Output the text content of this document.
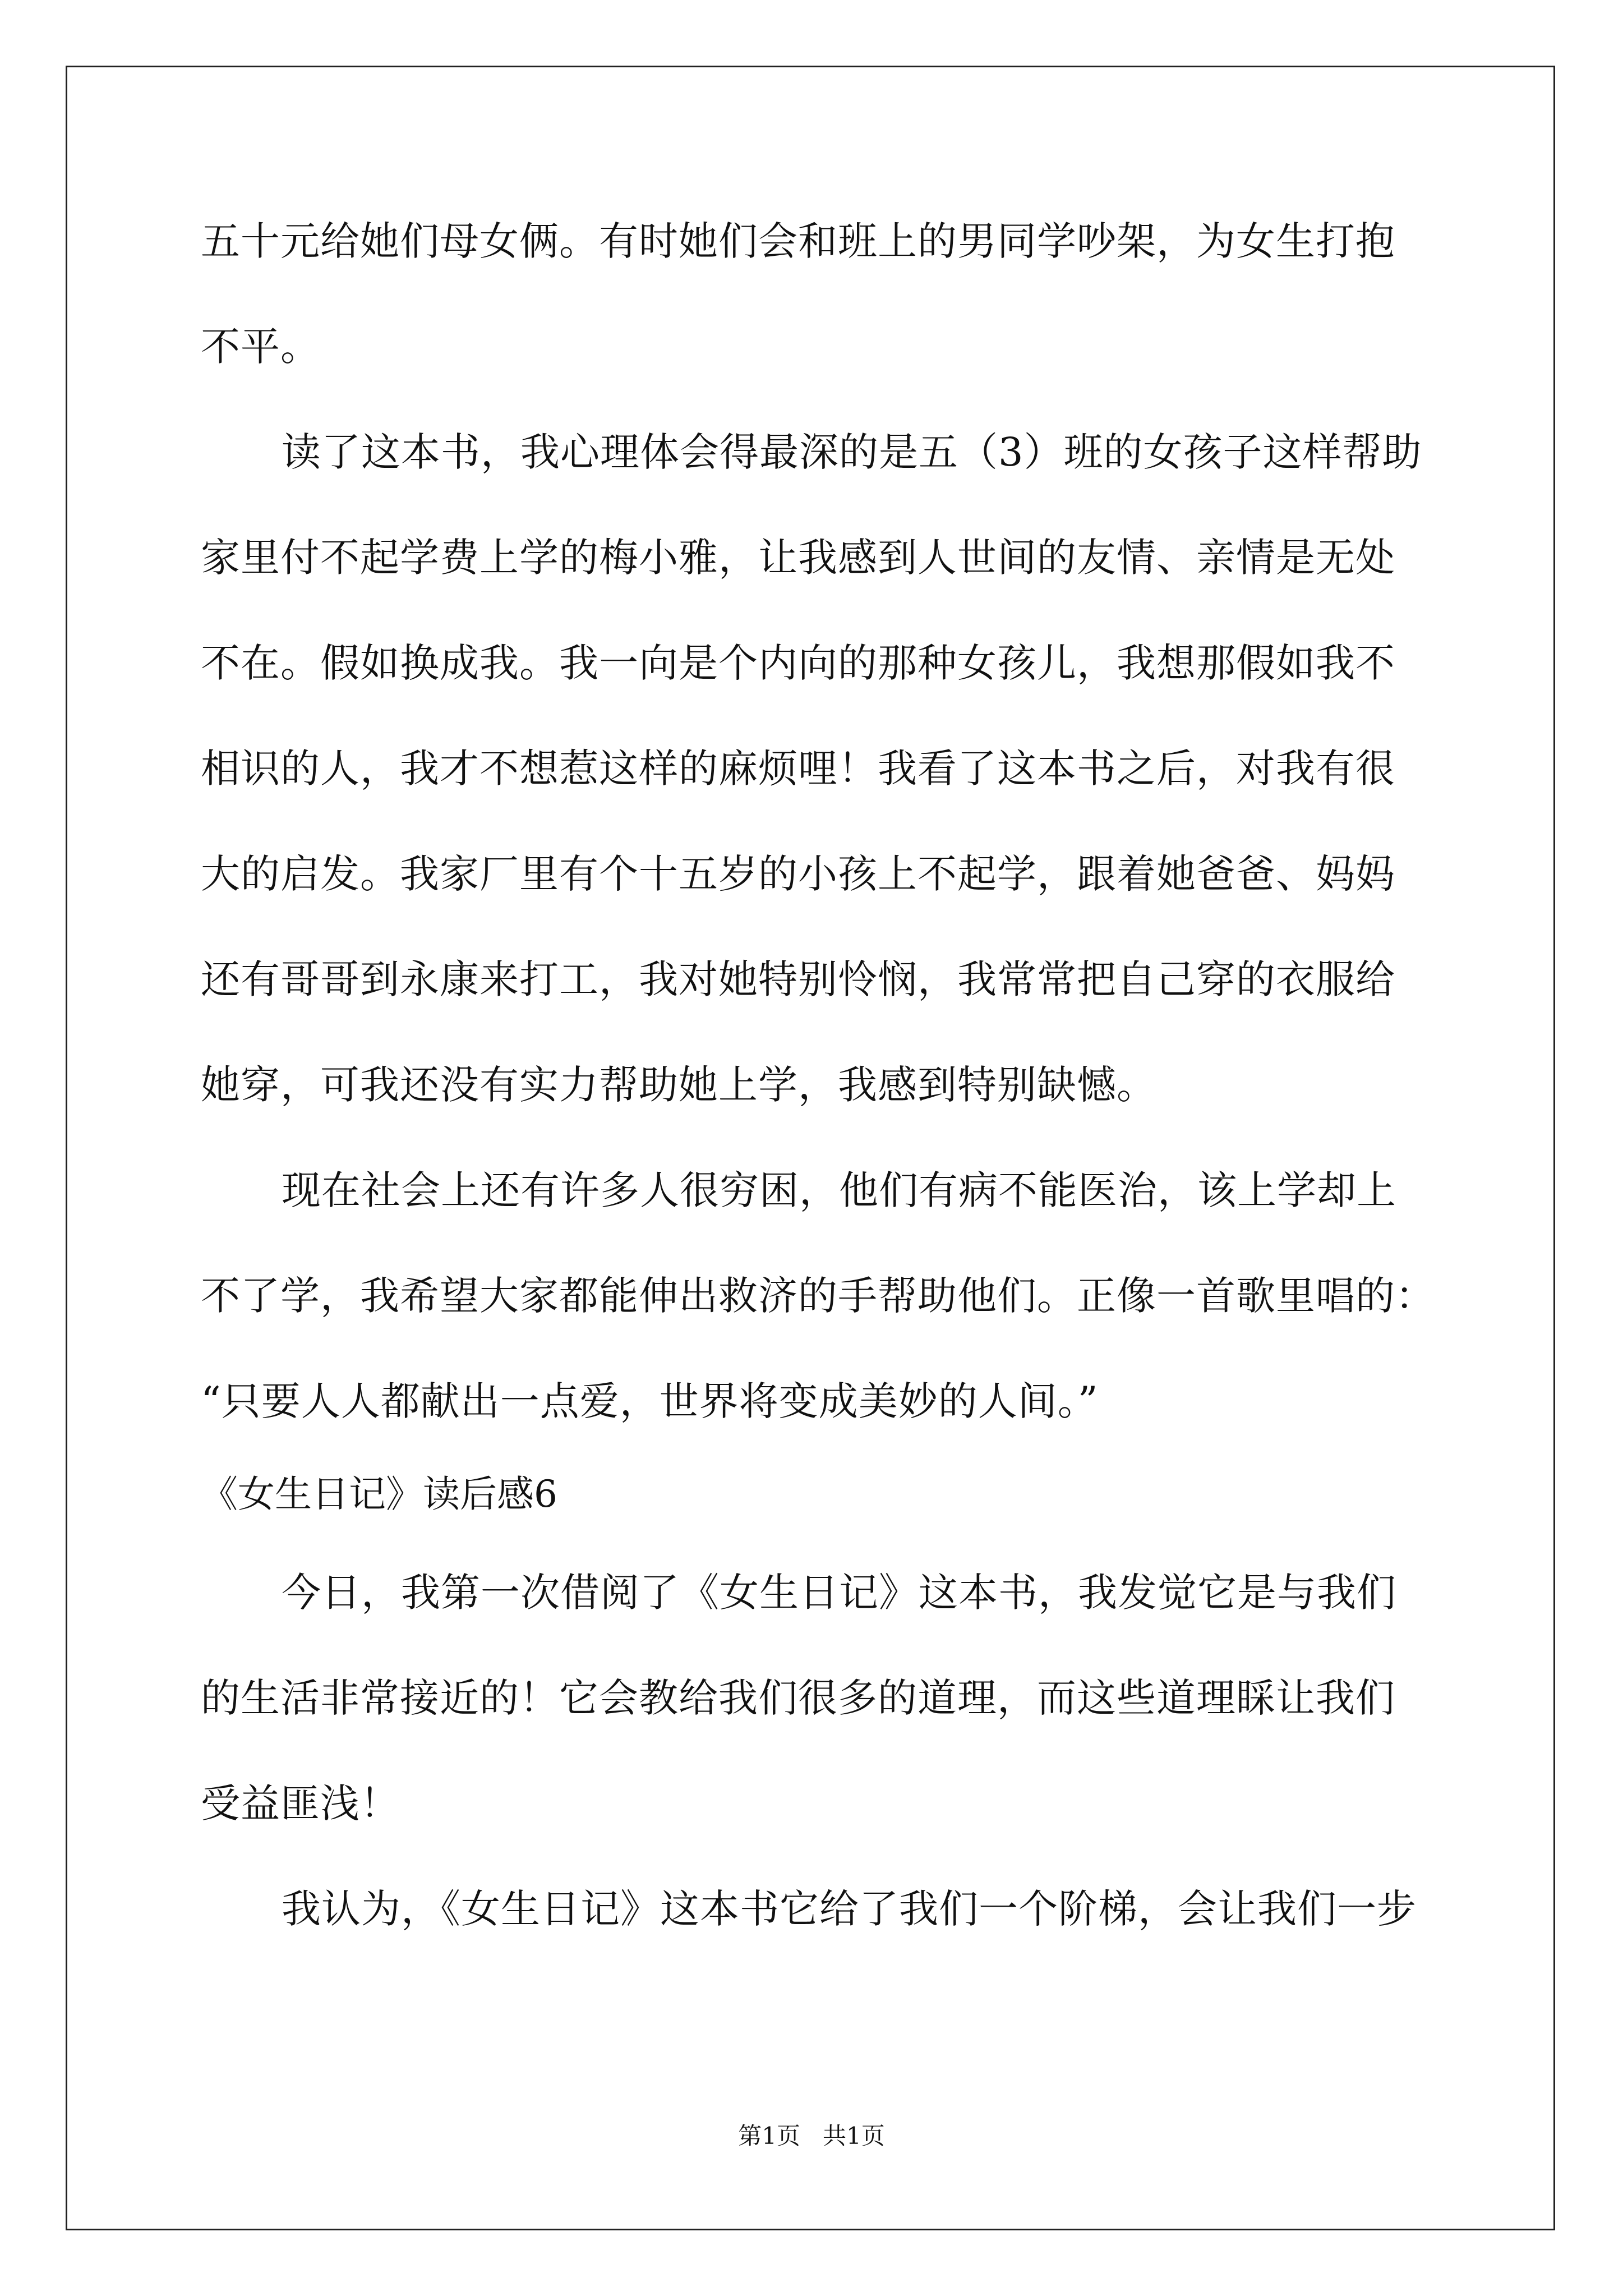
五十元给她们母女俩。有时她们会和班上的男同学吵架，为女生打抱
不平。
读了这本书，我心理体会得最深的是五（3）班的女孩子这样帮助
家里付不起学费上学的梅小雅，让我感到人世间的友情、亲情是无处
不在。假如换成我。我一向是个内向的那种女孩儿，我想那假如我不
相识的人，我才不想惹这样的麻烦哩！我看了这本书之后，对我有很
大的启发。我家厂里有个十五岁的小孩上不起学，跟着她爸爸、妈妈
还有哥哥到永康来打工，我对她特别怜悯，我常常把自己穿的衣服给
她穿，可我还没有实力帮助她上学，我感到特别缺憾。
现在社会上还有许多人很穷困，他们有病不能医治，该上学却上
不了学，我希望大家都能伸出救济的手帮助他们。正像一首歌里唱的：
“只要人人都献出一点爱，世界将变成美妙的人间。”
《女生日记》读后感6
今日，我第一次借阅了《女生日记》这本书，我发觉它是与我们
的生活非常接近的！它会教给我们很多的道理，而这些道理睬让我们
受益匪浅！
我认为，《女生日记》这本书它给了我们一个阶梯，会让我们一步
第1页   共1页
